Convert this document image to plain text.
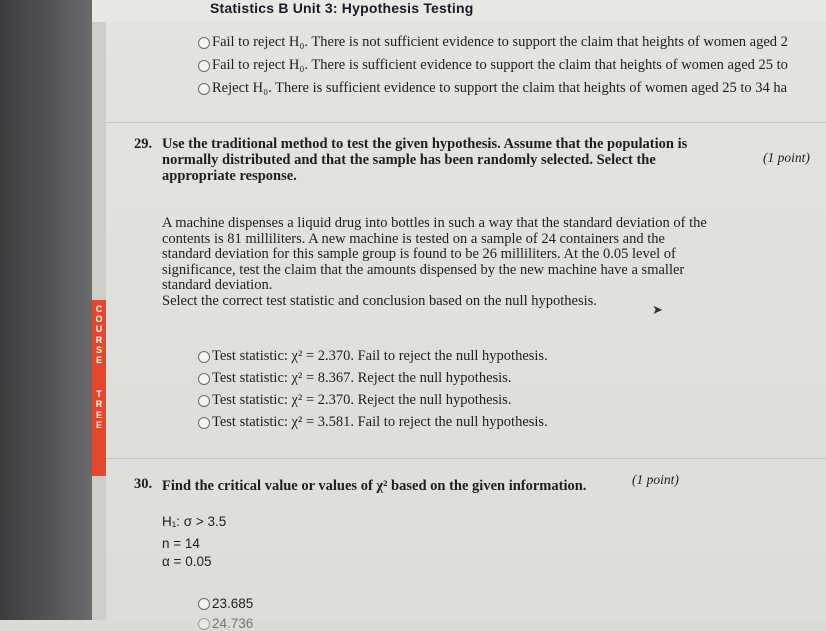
Statistics B Unit 3: Hypothesis Testing
C
O
U
R
S
E
T
R
E
E
Fail to reject H₀. There is not sufficient evidence to support the claim that heights of women aged 2
Fail to reject H₀. There is sufficient evidence to support the claim that heights of women aged 25 to
Reject H₀. There is sufficient evidence to support the claim that heights of women aged 25 to 34 ha
29. Use the traditional method to test the given hypothesis. Assume that the population is
normally distributed and that the sample has been randomly selected. Select the
appropriate response.
(1 point)
A machine dispenses a liquid drug into bottles in such a way that the standard deviation of the
contents is 81 milliliters. A new machine is tested on a sample of 24 containers and the
standard deviation for this sample group is found to be 26 milliliters. At the 0.05 level of
significance, test the claim that the amounts dispensed by the new machine have a smaller
standard deviation.
Select the correct test statistic and conclusion based on the null hypothesis.
➤
Test statistic: χ² = 2.370. Fail to reject the null hypothesis.
Test statistic: χ² = 8.367. Reject the null hypothesis.
Test statistic: χ² = 2.370. Reject the null hypothesis.
Test statistic: χ² = 3.581. Fail to reject the null hypothesis.
30. Find the critical value or values of χ² based on the given information.	(1 point)
H₁: σ > 3.5
n = 14
α = 0.05
23.685
24.736
